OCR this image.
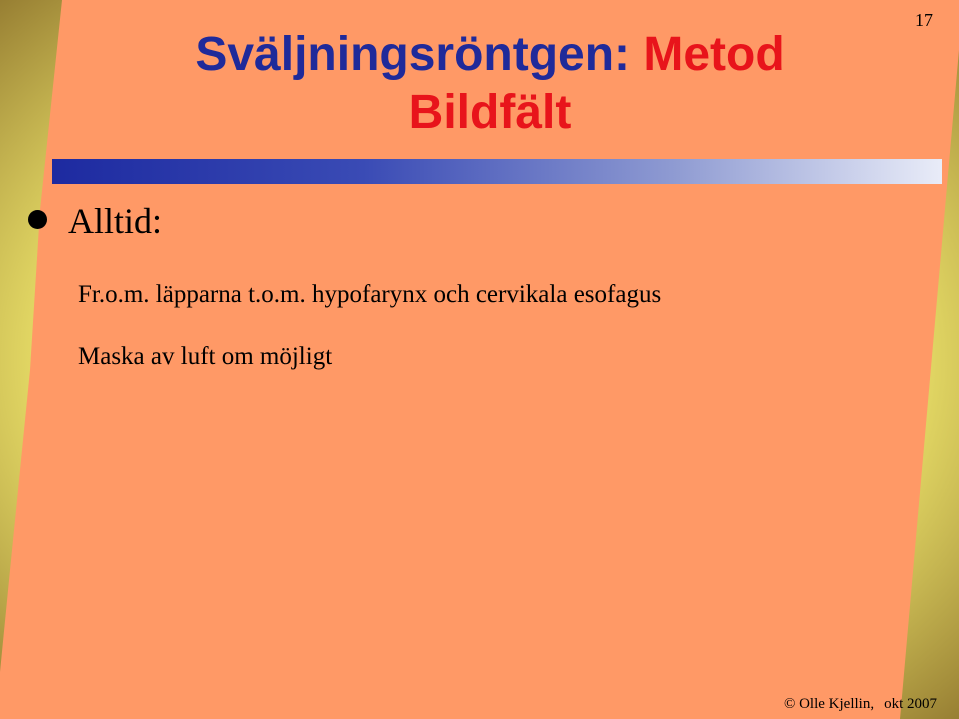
17
Sväljningsröntgen: Metod
Bildfält
Alltid:
Fr.o.m. läpparna t.o.m. hypofarynx och cervikala esofagus
Maska av luft om möjligt
© Olle Kjellin, okt 2007
